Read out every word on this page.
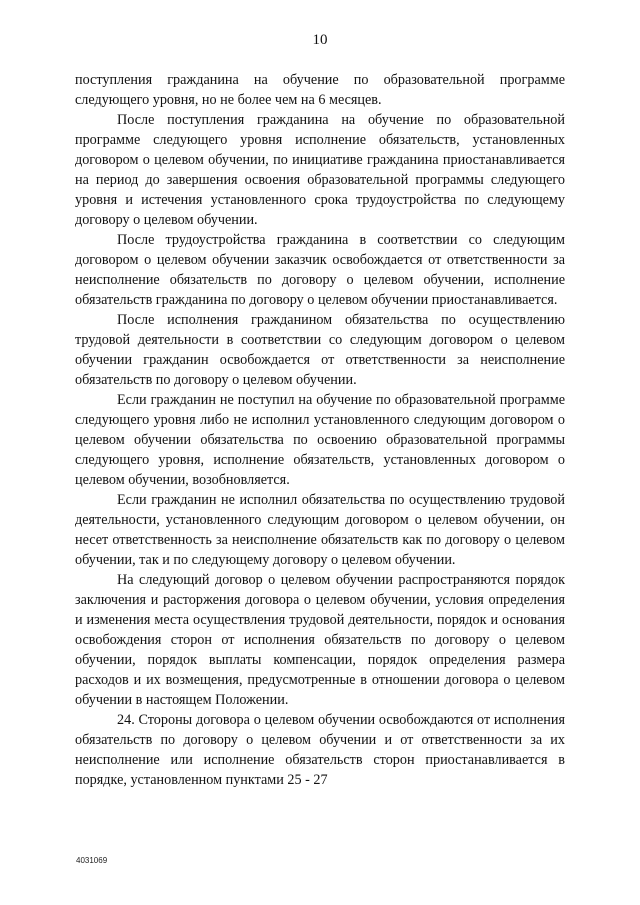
10

поступления гражданина на обучение по образовательной программе следующего уровня, но не более чем на 6 месяцев.

После поступления гражданина на обучение по образовательной программе следующего уровня исполнение обязательств, установленных договором о целевом обучении, по инициативе гражданина приостанавливается на период до завершения освоения образовательной программы следующего уровня и истечения установленного срока трудоустройства по следующему договору о целевом обучении.

После трудоустройства гражданина в соответствии со следующим договором о целевом обучении заказчик освобождается от ответственности за неисполнение обязательств по договору о целевом обучении, исполнение обязательств гражданина по договору о целевом обучении приостанавливается.

После исполнения гражданином обязательства по осуществлению трудовой деятельности в соответствии со следующим договором о целевом обучении гражданин освобождается от ответственности за неисполнение обязательств по договору о целевом обучении.

Если гражданин не поступил на обучение по образовательной программе следующего уровня либо не исполнил установленного следующим договором о целевом обучении обязательства по освоению образовательной программы следующего уровня, исполнение обязательств, установленных договором о целевом обучении, возобновляется.

Если гражданин не исполнил обязательства по осуществлению трудовой деятельности, установленного следующим договором о целевом обучении, он несет ответственность за неисполнение обязательств как по договору о целевом обучении, так и по следующему договору о целевом обучении.

На следующий договор о целевом обучении распространяются порядок заключения и расторжения договора о целевом обучении, условия определения и изменения места осуществления трудовой деятельности, порядок и основания освобождения сторон от исполнения обязательств по договору о целевом обучении, порядок выплаты компенсации, порядок определения размера расходов и их возмещения, предусмотренные в отношении договора о целевом обучении в настоящем Положении.

24. Стороны договора о целевом обучении освобождаются от исполнения обязательств по договору о целевом обучении и от ответственности за их неисполнение или исполнение обязательств сторон приостанавливается в порядке, установленном пунктами 25 - 27

4031069
